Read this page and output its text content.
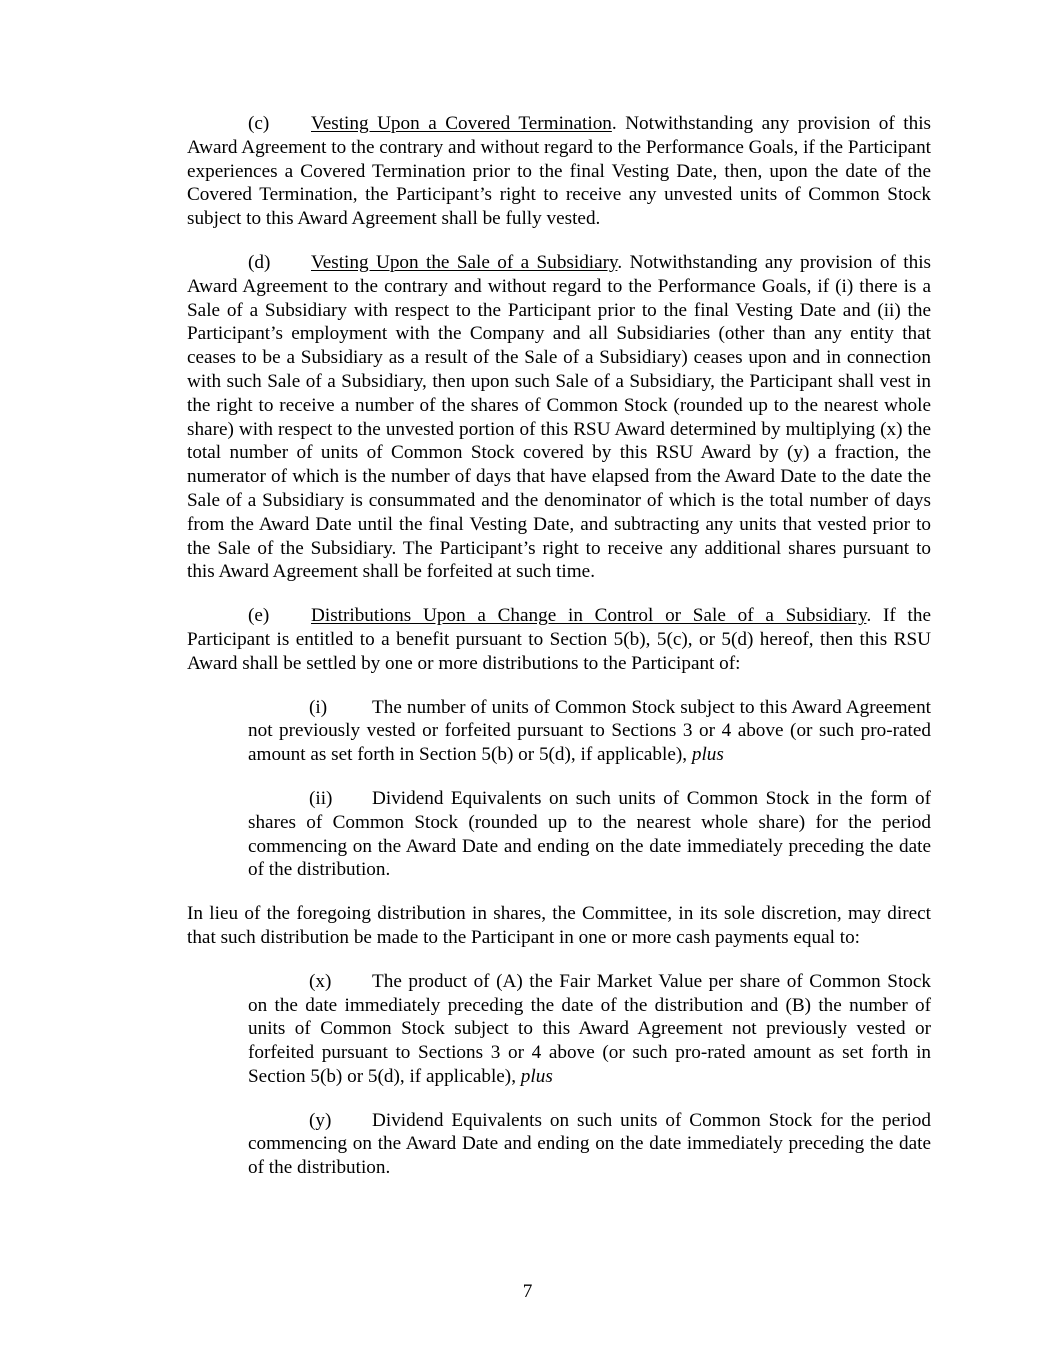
(c) Vesting Upon a Covered Termination. Notwithstanding any provision of this Award Agreement to the contrary and without regard to the Performance Goals, if the Participant experiences a Covered Termination prior to the final Vesting Date, then, upon the date of the Covered Termination, the Participant’s right to receive any unvested units of Common Stock subject to this Award Agreement shall be fully vested.

(d) Vesting Upon the Sale of a Subsidiary. Notwithstanding any provision of this Award Agreement to the contrary and without regard to the Performance Goals, if (i) there is a Sale of a Subsidiary with respect to the Participant prior to the final Vesting Date and (ii) the Participant’s employment with the Company and all Subsidiaries (other than any entity that ceases to be a Subsidiary as a result of the Sale of a Subsidiary) ceases upon and in connection with such Sale of a Subsidiary, then upon such Sale of a Subsidiary, the Participant shall vest in the right to receive a number of the shares of Common Stock (rounded up to the nearest whole share) with respect to the unvested portion of this RSU Award determined by multiplying (x) the total number of units of Common Stock covered by this RSU Award by (y) a fraction, the numerator of which is the number of days that have elapsed from the Award Date to the date the Sale of a Subsidiary is consummated and the denominator of which is the total number of days from the Award Date until the final Vesting Date, and subtracting any units that vested prior to the Sale of the Subsidiary. The Participant’s right to receive any additional shares pursuant to this Award Agreement shall be forfeited at such time.

(e) Distributions Upon a Change in Control or Sale of a Subsidiary. If the Participant is entitled to a benefit pursuant to Section 5(b), 5(c), or 5(d) hereof, then this RSU Award shall be settled by one or more distributions to the Participant of:

(i) The number of units of Common Stock subject to this Award Agreement not previously vested or forfeited pursuant to Sections 3 or 4 above (or such pro-rated amount as set forth in Section 5(b) or 5(d), if applicable), plus

(ii) Dividend Equivalents on such units of Common Stock in the form of shares of Common Stock (rounded up to the nearest whole share) for the period commencing on the Award Date and ending on the date immediately preceding the date of the distribution.

In lieu of the foregoing distribution in shares, the Committee, in its sole discretion, may direct that such distribution be made to the Participant in one or more cash payments equal to:

(x) The product of (A) the Fair Market Value per share of Common Stock on the date immediately preceding the date of the distribution and (B) the number of units of Common Stock subject to this Award Agreement not previously vested or forfeited pursuant to Sections 3 or 4 above (or such pro-rated amount as set forth in Section 5(b) or 5(d), if applicable), plus

(y) Dividend Equivalents on such units of Common Stock for the period commencing on the Award Date and ending on the date immediately preceding the date of the distribution.

7
